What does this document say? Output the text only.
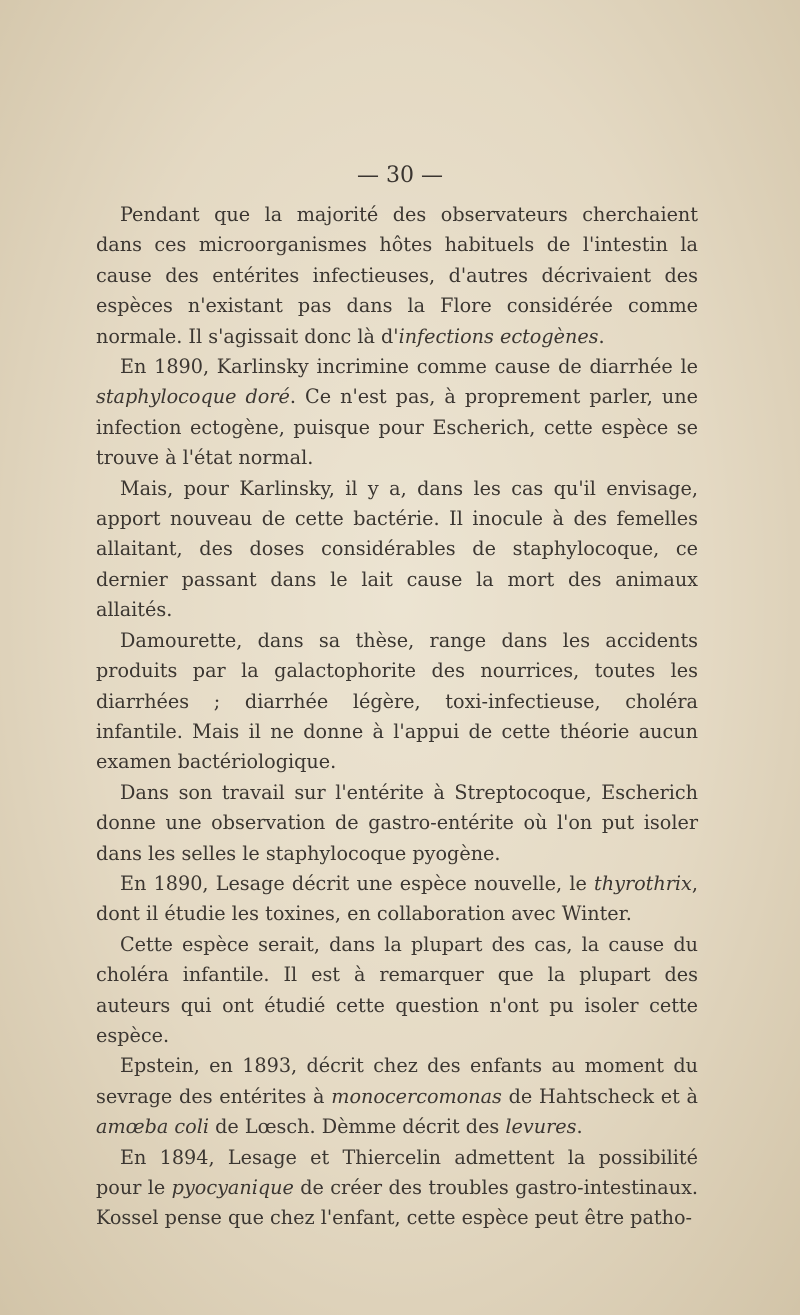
— 30 —

Pendant que la majorité des observateurs cherchaient dans ces microorganismes hôtes habituels de l'intestin la cause des entérites infectieuses, d'autres décrivaient des espèces n'existant pas dans la Flore considérée comme normale. Il s'agissait donc là d'infections ectogènes.

En 1890, Karlinsky incrimine comme cause de diarrhée le staphylocoque doré. Ce n'est pas, à proprement parler, une infection ectogène, puisque pour Escherich, cette espèce se trouve à l'état normal.

Mais, pour Karlinsky, il y a, dans les cas qu'il envisage, apport nouveau de cette bactérie. Il inocule à des femelles allaitant, des doses considérables de staphylocoque, ce dernier passant dans le lait cause la mort des animaux allaités.

Damourette, dans sa thèse, range dans les accidents produits par la galactophorite des nourrices, toutes les diarrhées ; diarrhée légère, toxi-infectieuse, choléra infantile. Mais il ne donne à l'appui de cette théorie aucun examen bactériologique.

Dans son travail sur l'entérite à Streptocoque, Escherich donne une observation de gastro-entérite où l'on put isoler dans les selles le staphylocoque pyogène.

En 1890, Lesage décrit une espèce nouvelle, le thyrothrix, dont il étudie les toxines, en collaboration avec Winter.

Cette espèce serait, dans la plupart des cas, la cause du choléra infantile. Il est à remarquer que la plupart des auteurs qui ont étudié cette question n'ont pu isoler cette espèce.

Epstein, en 1893, décrit chez des enfants au moment du sevrage des entérites à monocercomonas de Hahtscheck et à amœba coli de Lœsch. Dèmme décrit des levures.

En 1894, Lesage et Thiercelin admettent la possibilité pour le pyocyanique de créer des troubles gastro-intestinaux. Kossel pense que chez l'enfant, cette espèce peut être patho-
